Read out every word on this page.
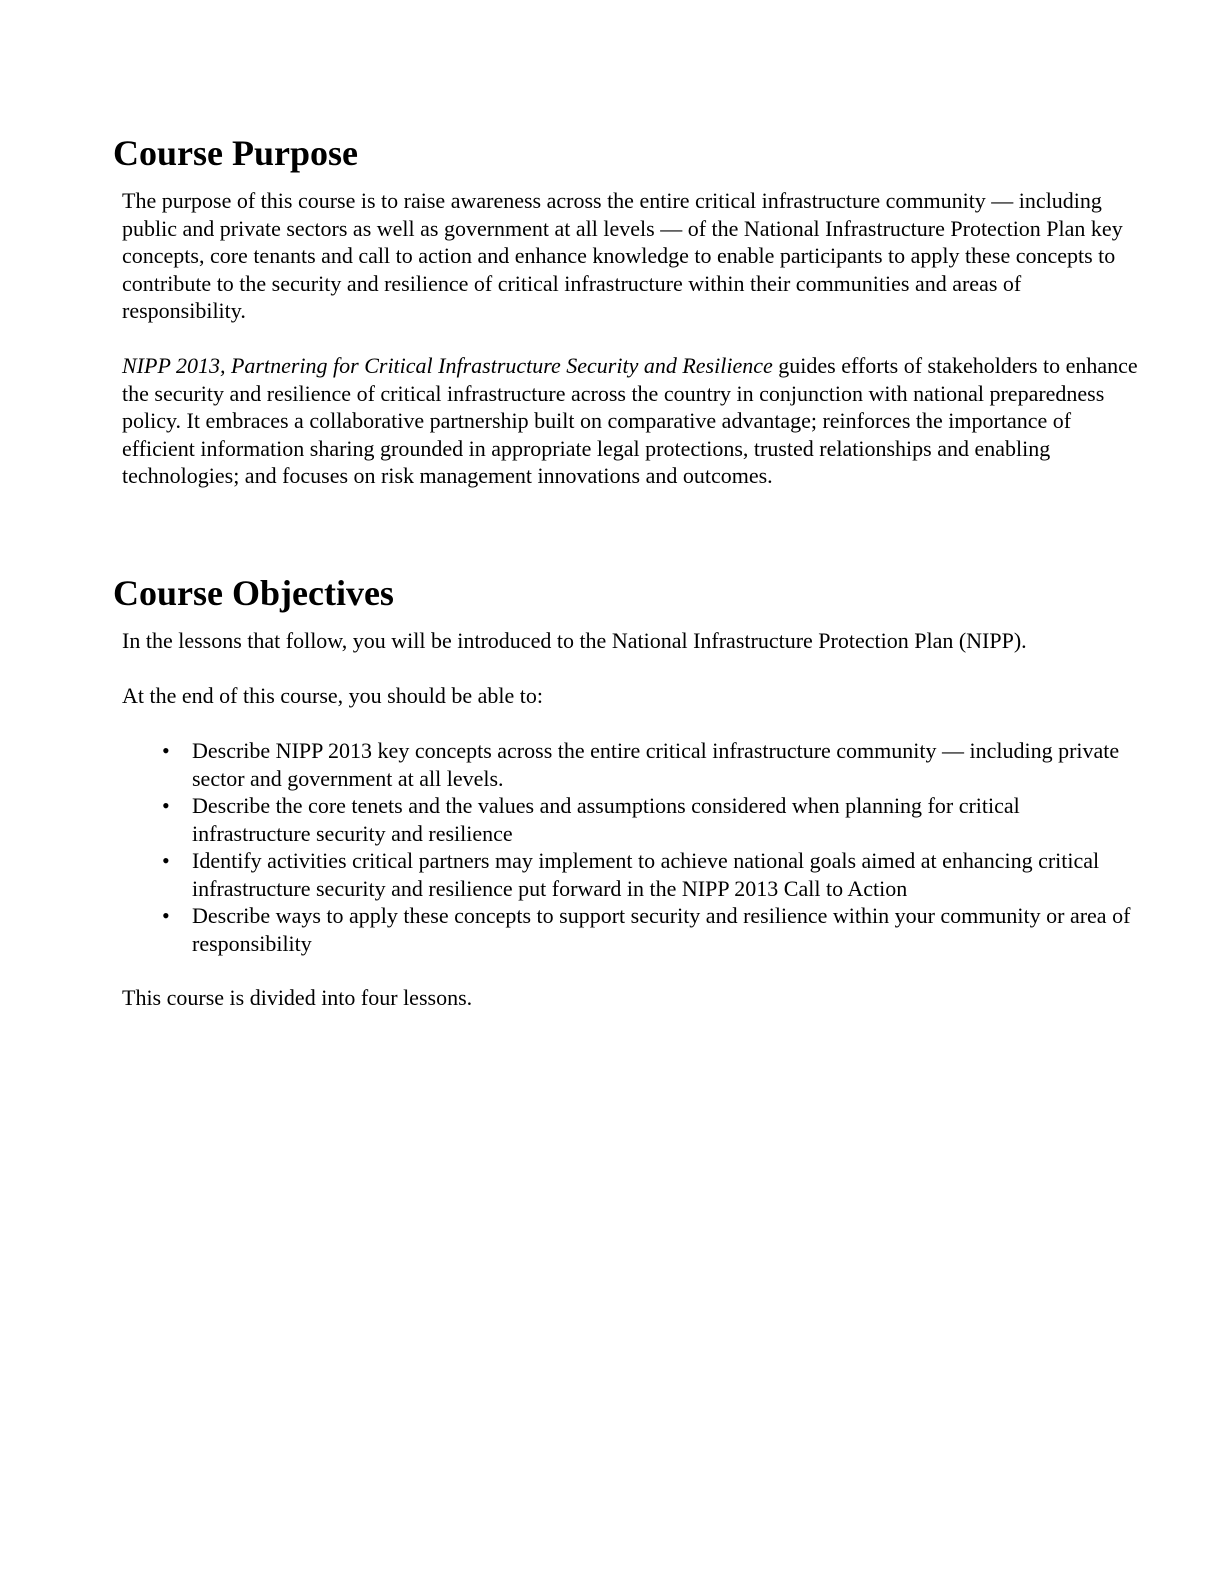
Course Purpose

The purpose of this course is to raise awareness across the entire critical infrastructure community — including public and private sectors as well as government at all levels — of the National Infrastructure Protection Plan key concepts, core tenants and call to action and enhance knowledge to enable participants to apply these concepts to contribute to the security and resilience of critical infrastructure within their communities and areas of responsibility.

NIPP 2013, Partnering for Critical Infrastructure Security and Resilience guides efforts of stakeholders to enhance the security and resilience of critical infrastructure across the country in conjunction with national preparedness policy. It embraces a collaborative partnership built on comparative advantage; reinforces the importance of efficient information sharing grounded in appropriate legal protections, trusted relationships and enabling technologies; and focuses on risk management innovations and outcomes.

Course Objectives

In the lessons that follow, you will be introduced to the National Infrastructure Protection Plan (NIPP).

At the end of this course, you should be able to:

• Describe NIPP 2013 key concepts across the entire critical infrastructure community — including private sector and government at all levels.
• Describe the core tenets and the values and assumptions considered when planning for critical infrastructure security and resilience
• Identify activities critical partners may implement to achieve national goals aimed at enhancing critical infrastructure security and resilience put forward in the NIPP 2013 Call to Action
• Describe ways to apply these concepts to support security and resilience within your community or area of responsibility

This course is divided into four lessons.
